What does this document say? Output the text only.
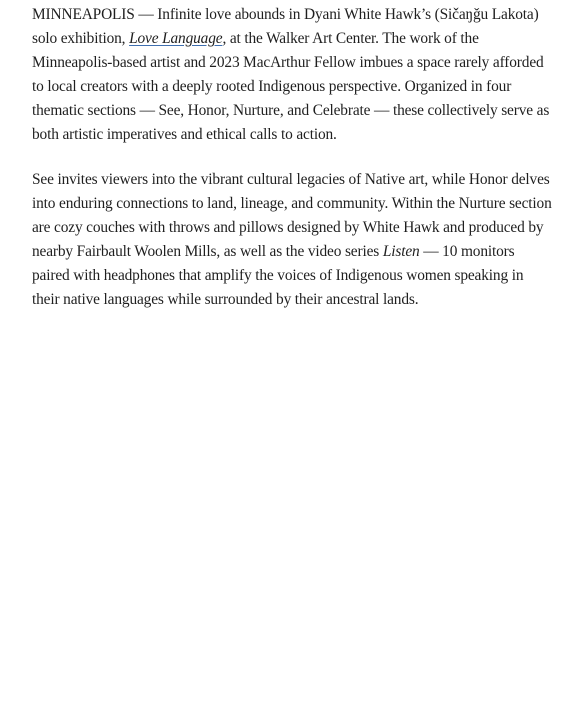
MINNEAPOLIS — Infinite love abounds in Dyani White Hawk’s (Sičaŋǧu Lakota) solo exhibition, Love Language, at the Walker Art Center. The work of the Minneapolis-based artist and 2023 MacArthur Fellow imbues a space rarely afforded to local creators with a deeply rooted Indigenous perspective. Organized in four thematic sections — See, Honor, Nurture, and Celebrate — these collectively serve as both artistic imperatives and ethical calls to action.

See invites viewers into the vibrant cultural legacies of Native art, while Honor delves into enduring connections to land, lineage, and community. Within the Nurture section are cozy couches with throws and pillows designed by White Hawk and produced by nearby Fairbault Woolen Mills, as well as the video series Listen — 10 monitors paired with headphones that amplify the voices of Indigenous women speaking in their native languages while surrounded by their ancestral lands.
